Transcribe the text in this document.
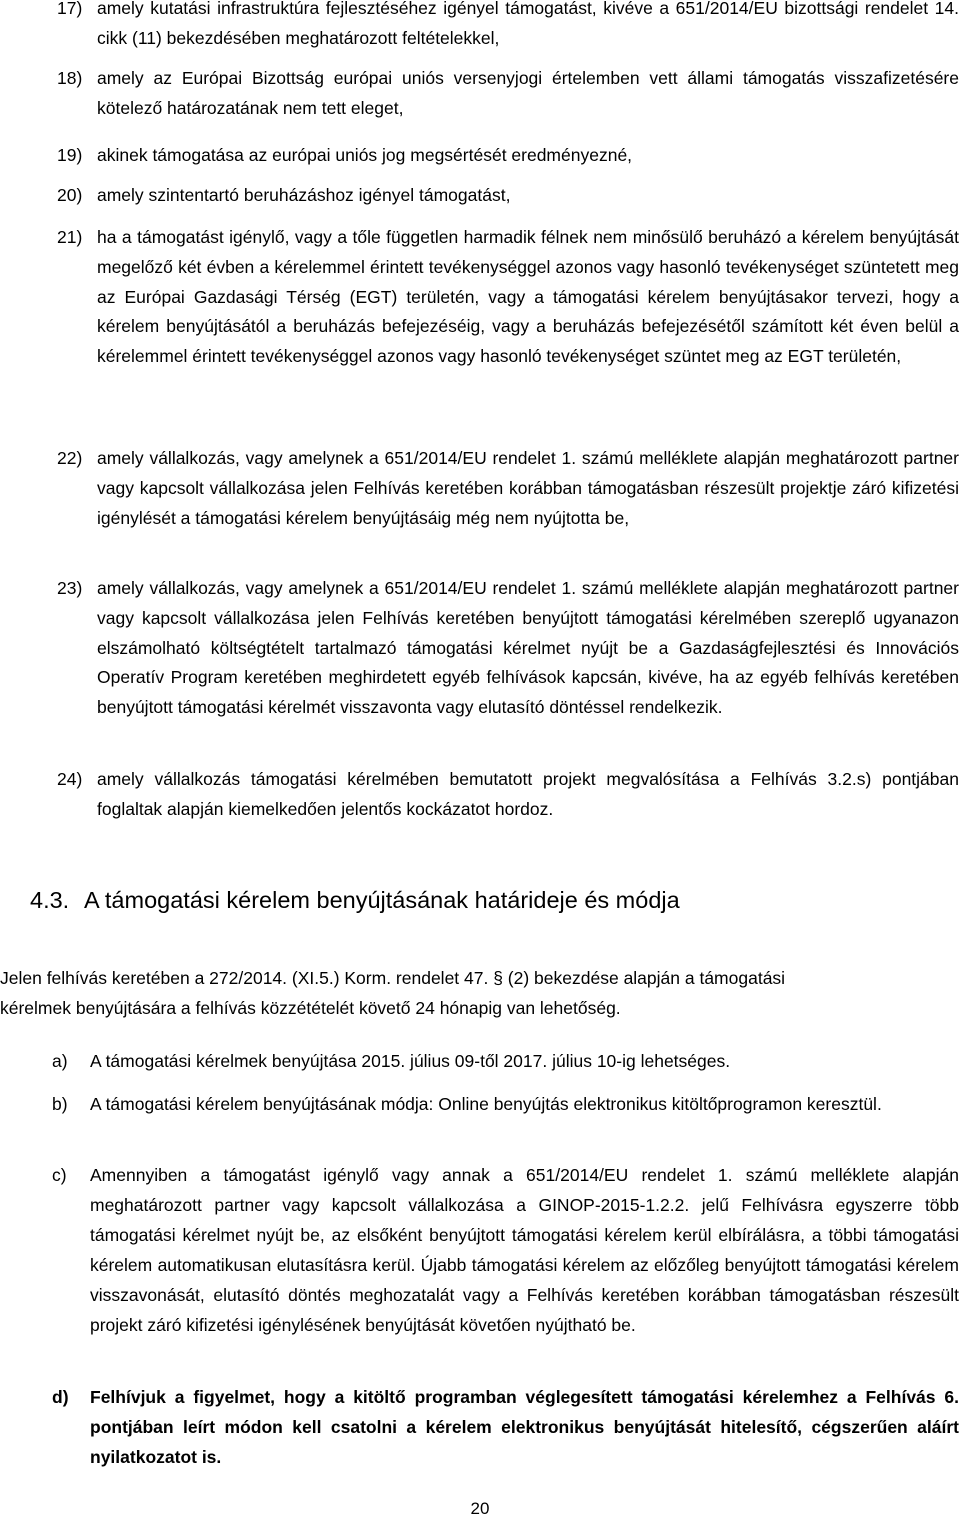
17) amely kutatási infrastruktúra fejlesztéséhez igényel támogatást, kivéve a 651/2014/EU bizottsági rendelet 14. cikk (11) bekezdésében meghatározott feltételekkel,
18) amely az Európai Bizottság európai uniós versenyjogi értelemben vett állami támogatás visszafizetésére kötelező határozatának nem tett eleget,
19) akinek támogatása az európai uniós jog megsértését eredményezné,
20) amely szintentartó beruházáshoz igényel támogatást,
21) ha a támogatást igénylő, vagy a tőle független harmadik félnek nem minősülő beruházó a kérelem benyújtását megelőző két évben a kérelemmel érintett tevékenységgel azonos vagy hasonló tevékenységet szüntetett meg az Európai Gazdasági Térség (EGT) területén, vagy a támogatási kérelem benyújtásakor tervezi, hogy a kérelem benyújtásától a beruházás befejezéséig, vagy a beruházás befejezésétől számított két éven belül a kérelemmel érintett tevékenységgel azonos vagy hasonló tevékenységet szüntet meg az EGT területén,
22) amely vállalkozás, vagy amelynek a 651/2014/EU rendelet 1. számú melléklete alapján meghatározott partner vagy kapcsolt vállalkozása jelen Felhívás keretében korábban támogatásban részesült projektje záró kifizetési igénylését a támogatási kérelem benyújtásáig még nem nyújtotta be,
23) amely vállalkozás, vagy amelynek a 651/2014/EU rendelet 1. számú melléklete alapján meghatározott partner vagy kapcsolt vállalkozása jelen Felhívás keretében benyújtott támogatási kérelmében szereplő ugyanazon elszámolható költségtételt tartalmazó támogatási kérelmet nyújt be a Gazdaságfejlesztési és Innovációs Operatív Program keretében meghirdetett egyéb felhívások kapcsán, kivéve, ha az egyéb felhívás keretében benyújtott támogatási kérelmét visszavonta vagy elutasító döntéssel rendelkezik.
24) amely vállalkozás támogatási kérelmében bemutatott projekt megvalósítása a Felhívás 3.2.s) pontjában foglaltak alapján kiemelkedően jelentős kockázatot hordoz.
4.3. A támogatási kérelem benyújtásának határideje és módja

Jelen felhívás keretében a 272/2014. (XI.5.) Korm. rendelet 47. § (2) bekezdése alapján a támogatási

kérelmek benyújtására a felhívás közzétételét követő 24 hónapig van lehetőség.

a)	A támogatási kérelmek benyújtása 2015. július 09-től 2017. július 10-ig lehetséges.
b)	A támogatási kérelem benyújtásának módja: Online benyújtás elektronikus kitöltőprogramon keresztül.
c)	Amennyiben a támogatást igénylő vagy annak a 651/2014/EU rendelet 1. számú melléklete alapján meghatározott partner vagy kapcsolt vállalkozása a GINOP-2015-1.2.2. jelű Felhívásra egyszerre több támogatási kérelmet nyújt be, az elsőként benyújtott támogatási kérelem kerül elbírálásra, a többi támogatási kérelem automatikusan elutasításra kerül. Újabb támogatási kérelem az előzőleg benyújtott támogatási kérelem visszavonását, elutasító döntés meghozatalát vagy a Felhívás keretében korábban támogatásban részesült projekt záró kifizetési igénylésének benyújtását követően nyújtható be.
d)	Felhívjuk a figyelmet, hogy a kitöltő programban véglegesített támogatási kérelemhez a Felhívás 6. pontjában leírt módon kell csatolni a kérelem elektronikus benyújtását hitelesítő, cégszerűen aláírt nyilatkozatot is.
20
